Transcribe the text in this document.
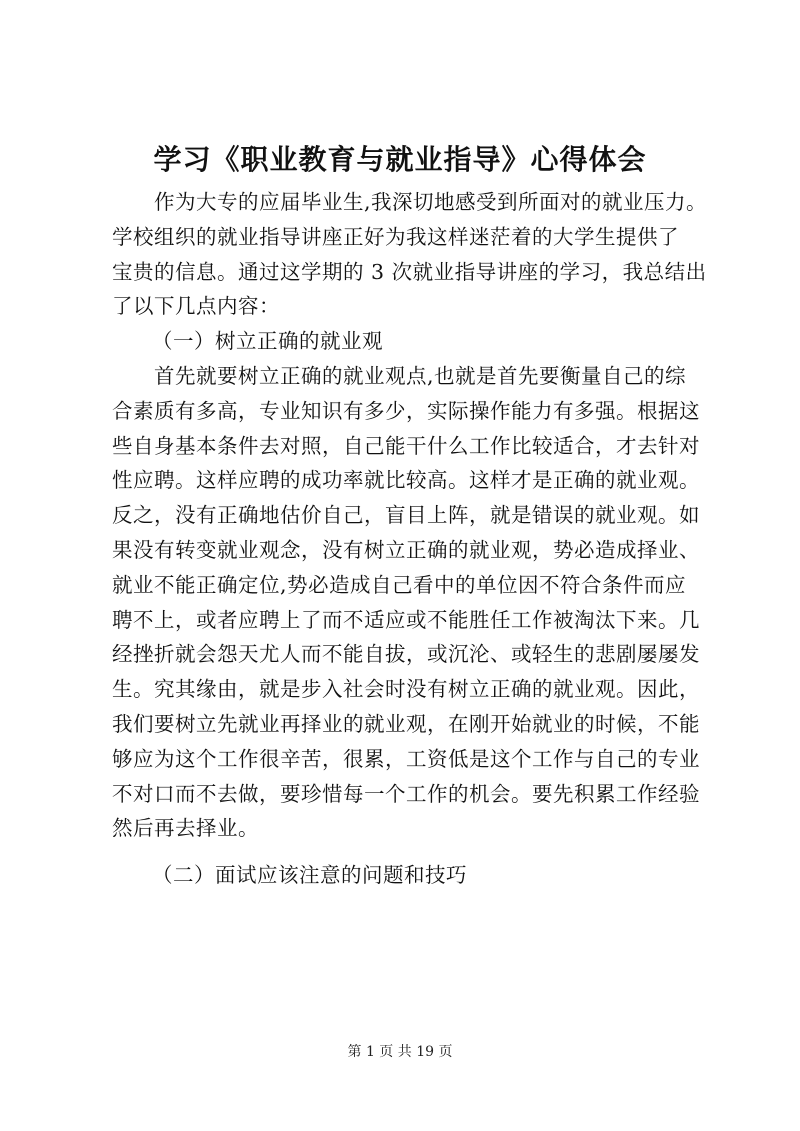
学习《职业教育与就业指导》心得体会
作为大专的应届毕业生,我深切地感受到所面对的就业压力。
学校组织的就业指导讲座正好为我这样迷茫着的大学生提供了
宝贵的信息。通过这学期的 3 次就业指导讲座的学习，我总结出
了以下几点内容：
（一）树立正确的就业观
首先就要树立正确的就业观点,也就是首先要衡量自己的综
合素质有多高，专业知识有多少，实际操作能力有多强。根据这
些自身基本条件去对照，自己能干什么工作比较适合，才去针对
性应聘。这样应聘的成功率就比较高。这样才是正确的就业观。
反之，没有正确地估价自己，盲目上阵，就是错误的就业观。如
果没有转变就业观念，没有树立正确的就业观，势必造成择业、
就业不能正确定位,势必造成自己看中的单位因不符合条件而应
聘不上，或者应聘上了而不适应或不能胜任工作被淘汰下来。几
经挫折就会怨天尤人而不能自拔，或沉沦、或轻生的悲剧屡屡发
生。究其缘由，就是步入社会时没有树立正确的就业观。因此，
我们要树立先就业再择业的就业观，在刚开始就业的时候，不能
够应为这个工作很辛苦，很累，工资低是这个工作与自己的专业
不对口而不去做，要珍惜每一个工作的机会。要先积累工作经验
然后再去择业。
（二）面试应该注意的问题和技巧
第 1 页 共 19 页
